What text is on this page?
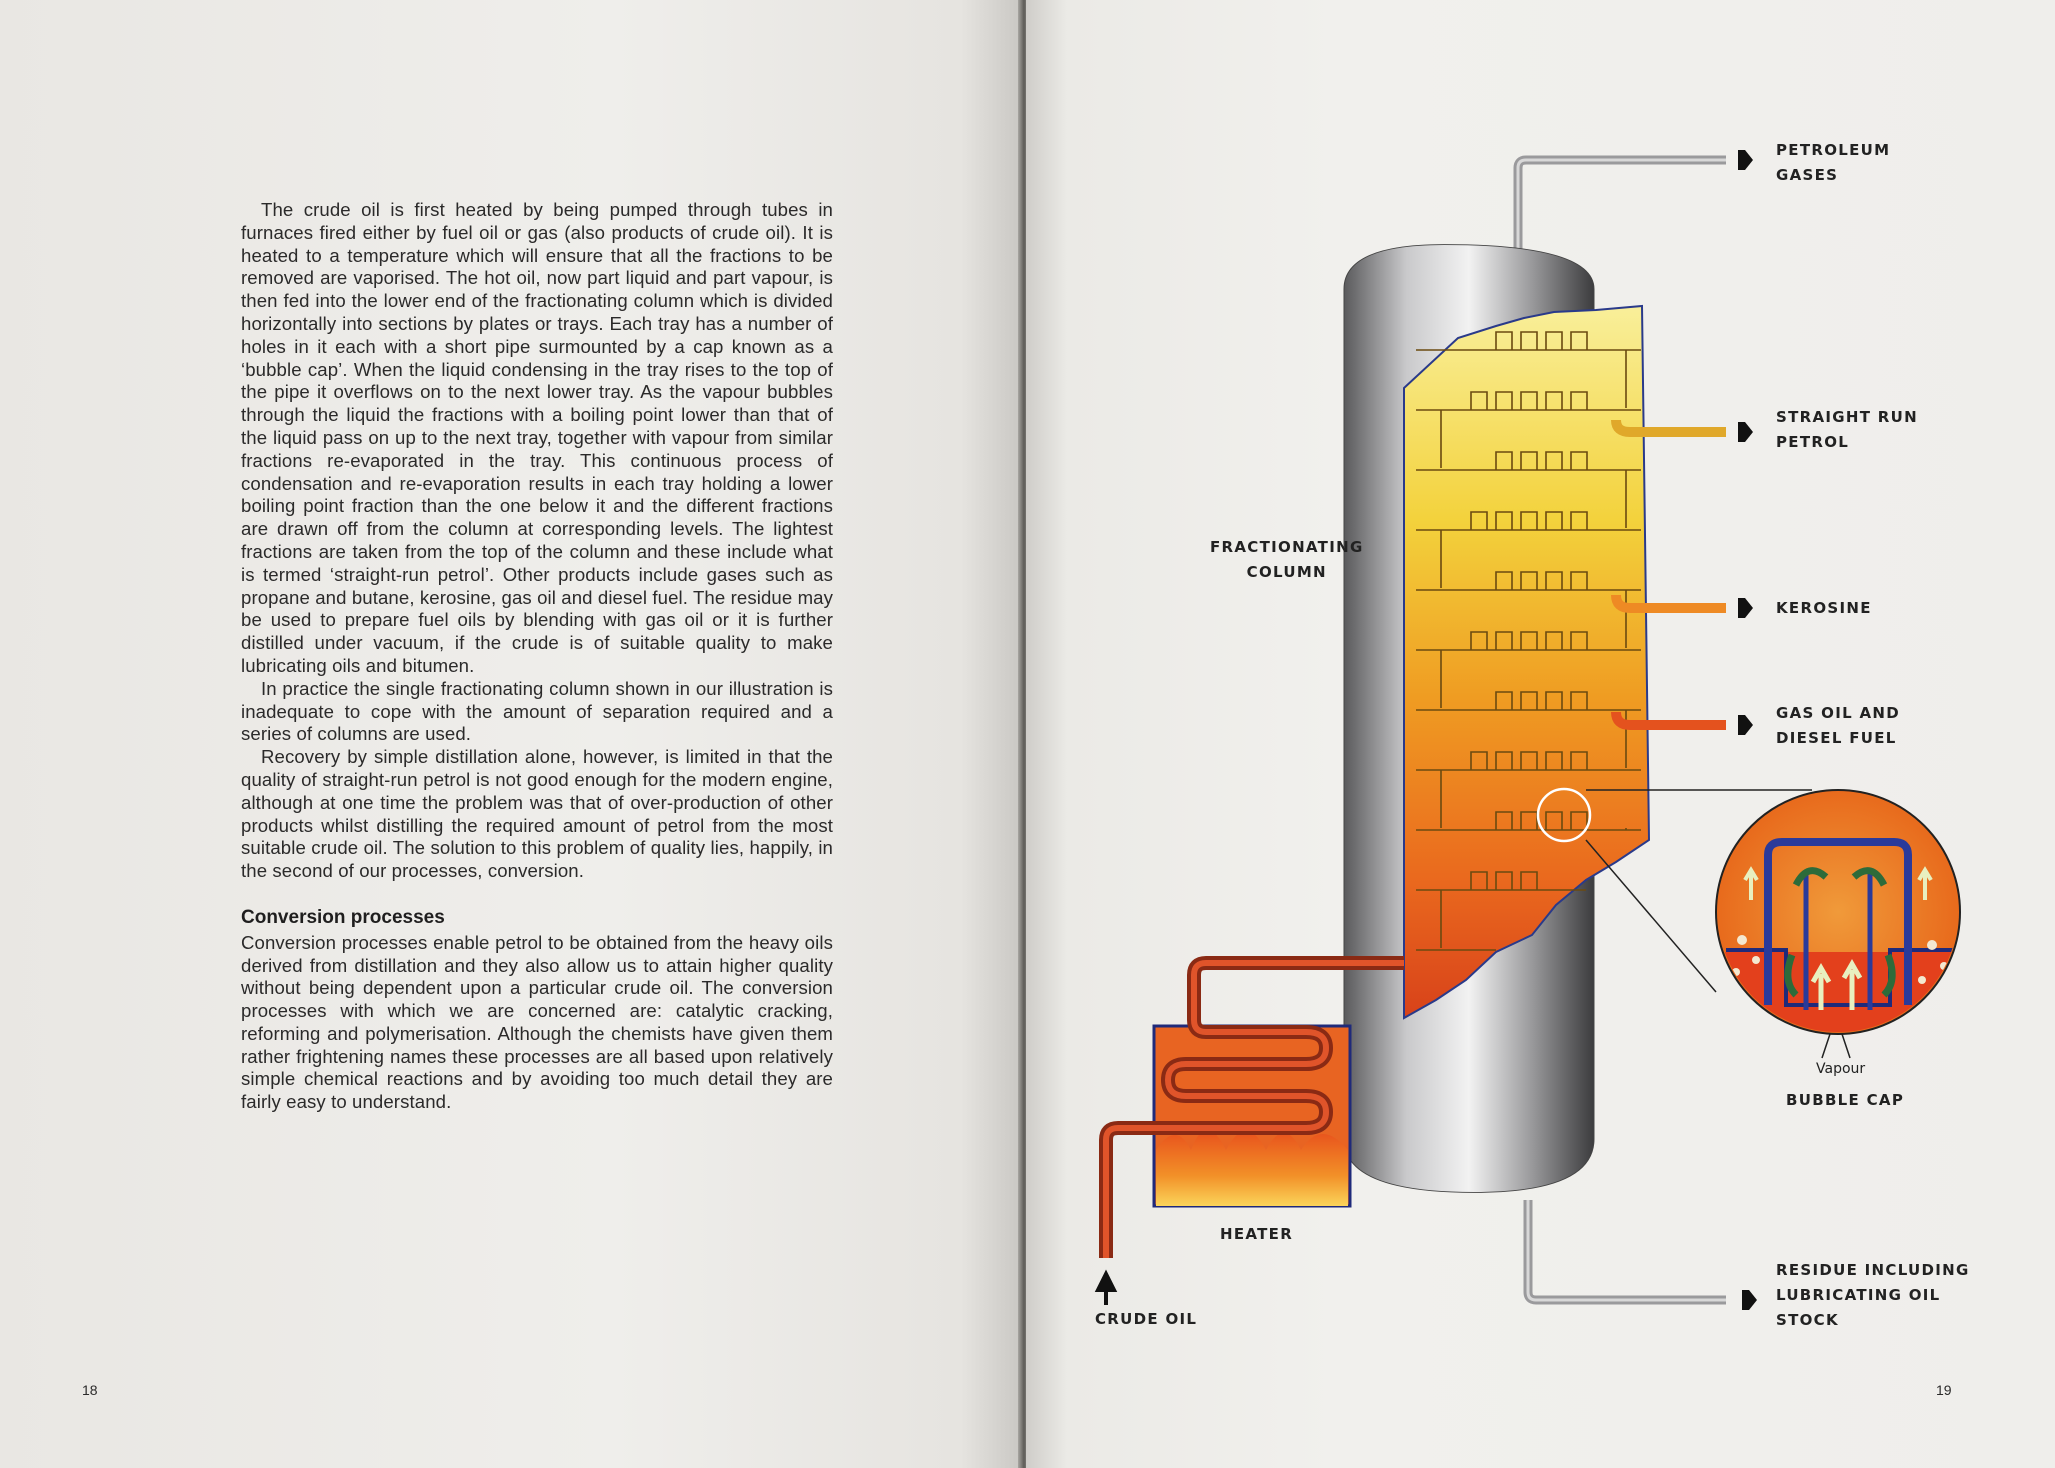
The crude oil is first heated by being pumped through tubes in furnaces fired either by fuel oil or gas (also products of crude oil). It is heated to a temperature which will ensure that all the fractions to be removed are vaporised. The hot oil, now part liquid and part vapour, is then fed into the lower end of the fractionating column which is divided horizontally into sections by plates or trays. Each tray has a number of holes in it each with a short pipe surmounted by a cap known as a ‘bubble cap’. When the liquid condensing in the tray rises to the top of the pipe it overflows on to the next lower tray. As the vapour bubbles through the liquid the fractions with a boiling point lower than that of the liquid pass on up to the next tray, together with vapour from similar fractions re-evaporated in the tray. This continuous process of condensation and re-evaporation results in each tray holding a lower boiling point fraction than the one below it and the different fractions are drawn off from the column at corresponding levels. The lightest fractions are taken from the top of the column and these include what is termed ‘straight-run petrol’. Other products include gases such as propane and butane, kerosine, gas oil and diesel fuel. The residue may be used to prepare fuel oils by blending with gas oil or it is further distilled under vacuum, if the crude is of suitable quality to make lubricating oils and bitumen.

In practice the single fractionating column shown in our illustration is inadequate to cope with the amount of separation required and a series of columns are used.

Recovery by simple distillation alone, however, is limited in that the quality of straight-run petrol is not good enough for the modern engine, although at one time the problem was that of over-production of other products whilst distilling the required amount of petrol from the most suitable crude oil. The solution to this problem of quality lies, happily, in the second of our processes, conversion.

Conversion processes

Conversion processes enable petrol to be obtained from the heavy oils derived from distillation and they also allow us to attain higher quality without being dependent upon a particular crude oil. The conversion processes with which we are concerned are: catalytic cracking, reforming and polymerisation. Although the chemists have given them rather frightening names these processes are all based upon relatively simple chemical reactions and by avoiding too much detail they are fairly easy to understand.

18
PETROLEUM
GASES
STRAIGHT RUN
PETROL
FRACTIONATING
COLUMN
KEROSINE
GAS OIL AND
DIESEL FUEL
Vapour
BUBBLE CAP
HEATER
CRUDE OIL
RESIDUE INCLUDING
LUBRICATING OIL
STOCK
19
